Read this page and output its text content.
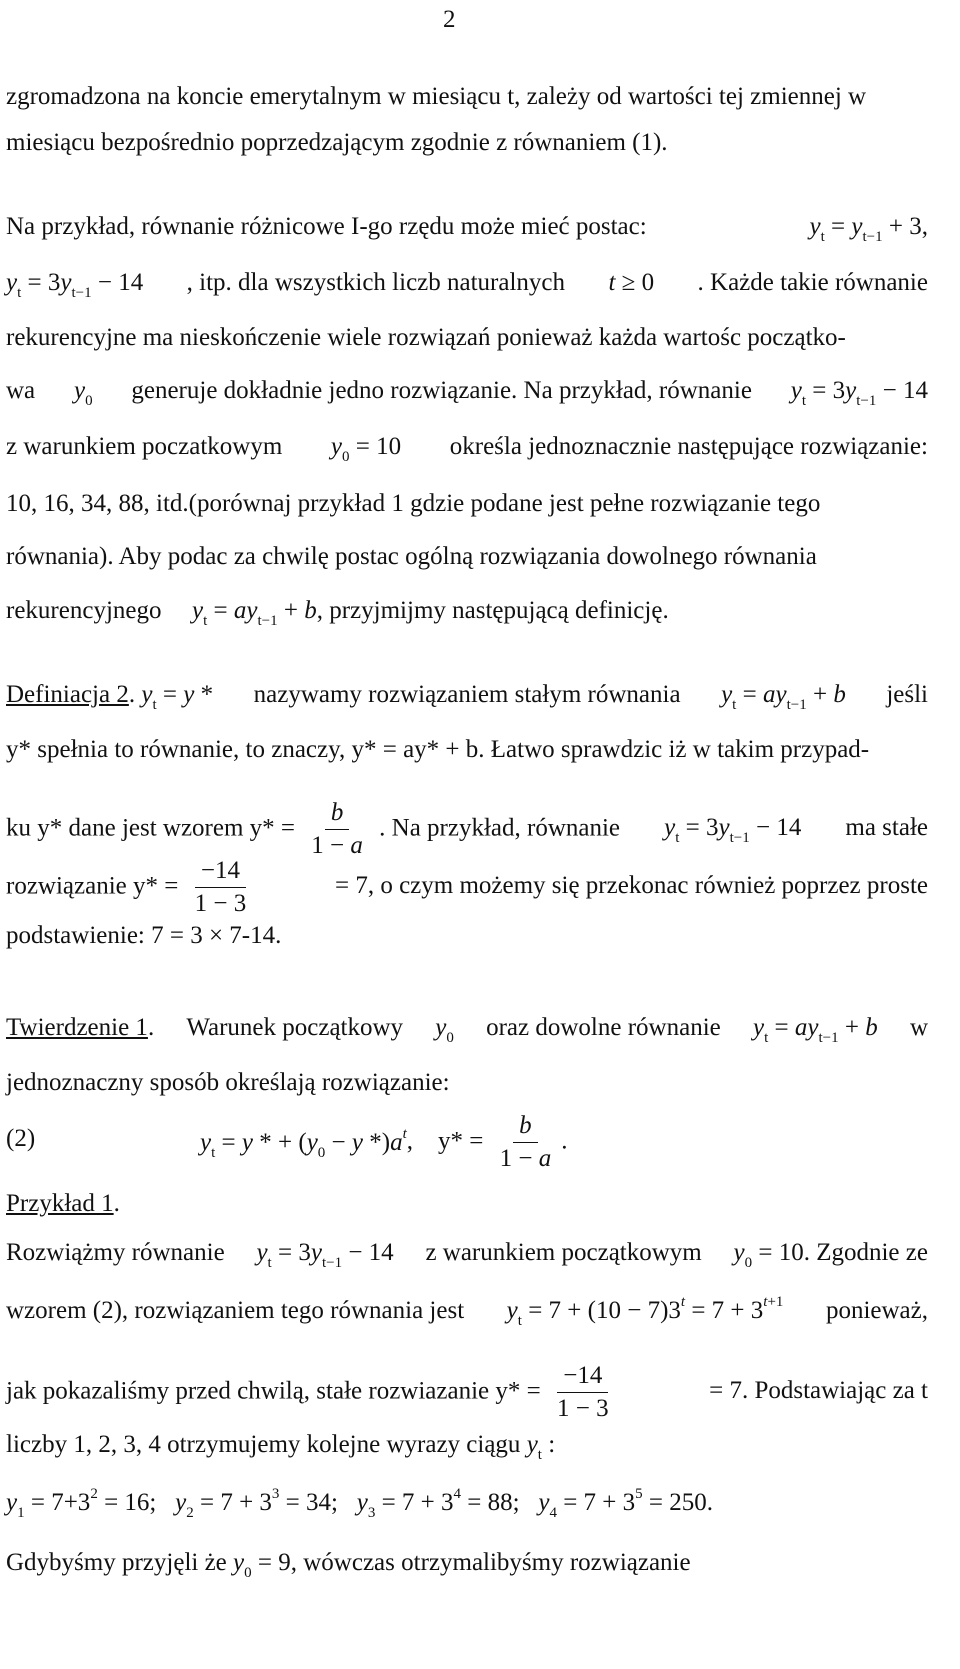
2
zgromadzona na koncie emerytalnym w miesiącu t, zależy od wartości tej zmiennej w
miesiącu bezpośrednio poprzedzającym zgodnie z równaniem (1).
Na przykład, równanie różnicowe I-go rzędu może mieć postac:	$y_t = y_{t-1} + 3$,
$y_t = 3y_{t-1} - 14$ , itp. dla wszystkich liczb naturalnych t ≥ 0 . Każde takie równanie
rekurencyjne ma nieskończenie wiele rozwiązań ponieważ każda wartośc początko-
wa $y_0$ generuje dokładnie jedno rozwiązanie. Na przykład, równanie $y_t = 3y_{t-1} - 14$
z warunkiem poczatkowym $y_0 = 10$ określa jednoznacznie następujące rozwiązanie:
10, 16, 34, 88, itd.(porównaj przykład 1 gdzie podane jest pełne rozwiązanie tego
równania). Aby podac za chwilę postac ogólną rozwiązania dowolnego równania
rekurencyjnego $y_t = ay_{t-1} + b$, przyjmijmy następującą definicję.
Definiacja 2. $y_t = y$ * nazywamy rozwiązaniem stałym równania $y_t = ay_{t-1} + b$ jeśli
y* spełnia to równanie, to znaczy, y* = ay* + b. Łatwo sprawdzic iż w takim przypad-
ku y* dane jest wzorem $y* = \frac{b}{1 - a}$ . Na przykład, równanie $y_t = 3y_{t-1} - 14$ ma stałe
rozwiązanie $y* = \frac{-14}{1 - 3}$	= 7, o czym możemy się przekonac również poprzez proste
podstawienie: 7 = 3 × 7-14.
Twierdzenie 1. Warunek początkowy $y_0$ oraz dowolne równanie $y_t = ay_{t-1} + b$ w
jednoznaczny sposób określają rozwiązanie:
(2)	$y_t = y$ * + ($y_0 - y$ $*)a^t$,    $y* = \frac{b}{1 - a}$ .
Przykład 1.
Rozwiążmy równanie $y_t = 3y_{t-1} - 14$ z warunkiem początkowym $y_0 = 10$. Zgodnie ze
wzorem (2), rozwiązaniem tego równania jest $y_t = 7 + (10 - 7)3^t = 7 + 3^{t+1}$ ponieważ,
jak pokazaliśmy przed chwilą, stałe rozwiazanie $y* = \frac{-14}{1 - 3}$	= 7. Podstawiając za t
liczby 1, 2, 3, 4 otrzymujemy kolejne wyrazy ciągu $y_t$ :
$y_1 = 7+3^2 = 16$;   $y_2 = 7 + 3^3 = 34$;   $y_3 = 7 + 3^4 = 88$;   $y_4 = 7 + 3^5 = 250$.
Gdybyśmy przyjęli że $y_0 = 9$, wówczas otrzymalibyśmy rozwiązanie
